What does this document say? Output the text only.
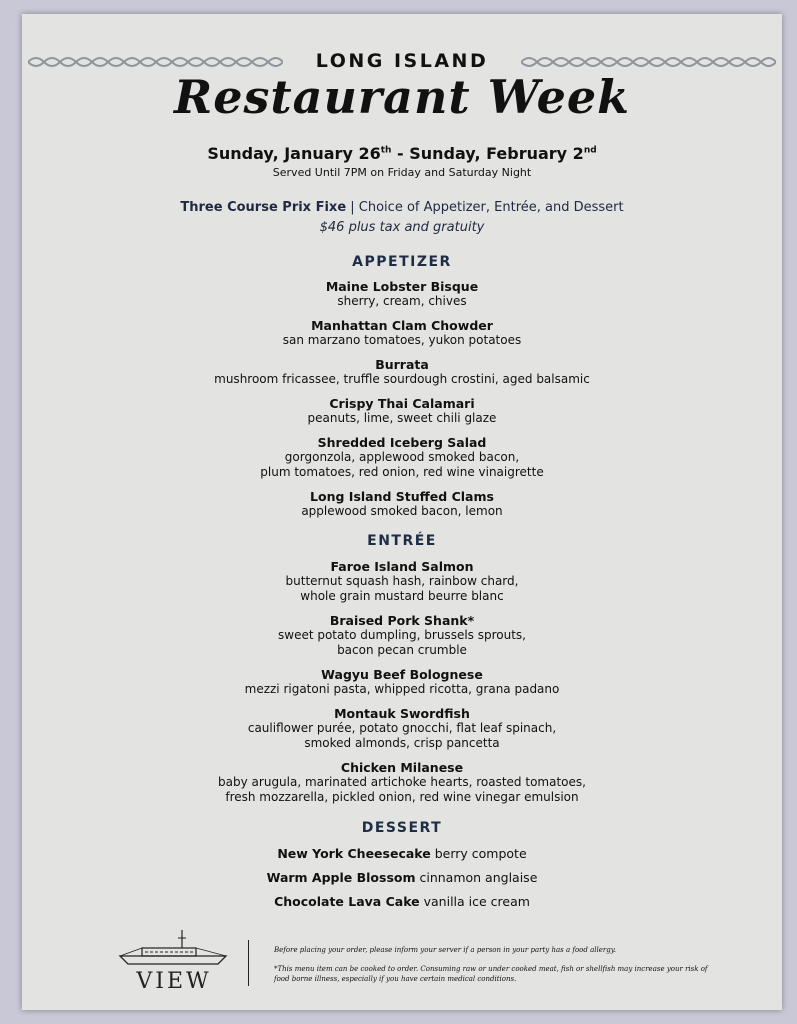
LONG ISLAND
Restaurant Week
Sunday, January 26th - Sunday, February 2nd
Served Until 7PM on Friday and Saturday Night
Three Course Prix Fixe | Choice of Appetizer, Entrée, and Dessert
$46 plus tax and gratuity
APPETIZER
Maine Lobster Bisque
sherry, cream, chives
Manhattan Clam Chowder
san marzano tomatoes, yukon potatoes
Burrata
mushroom fricassee, truffle sourdough crostini, aged balsamic
Crispy Thai Calamari
peanuts, lime, sweet chili glaze
Shredded Iceberg Salad
gorgonzola, applewood smoked bacon,
plum tomatoes, red onion, red wine vinaigrette
Long Island Stuffed Clams
applewood smoked bacon, lemon
ENTRÉE
Faroe Island Salmon
butternut squash hash, rainbow chard,
whole grain mustard beurre blanc
Braised Pork Shank*
sweet potato dumpling, brussels sprouts,
bacon pecan crumble
Wagyu Beef Bolognese
mezzi rigatoni pasta, whipped ricotta, grana padano
Montauk Swordfish
cauliflower purée, potato gnocchi, flat leaf spinach,
smoked almonds, crisp pancetta
Chicken Milanese
baby arugula, marinated artichoke hearts, roasted tomatoes,
fresh mozzarella, pickled onion, red wine vinegar emulsion
DESSERT
New York Cheesecake berry compote
Warm Apple Blossom cinnamon anglaise
Chocolate Lava Cake vanilla ice cream
VIEW
Before placing your order, please inform your server if a person in your party has a food allergy.
*This menu item can be cooked to order. Consuming raw or under cooked meat, fish or shellfish may increase your risk of food borne illness, especially if you have certain medical conditions.
